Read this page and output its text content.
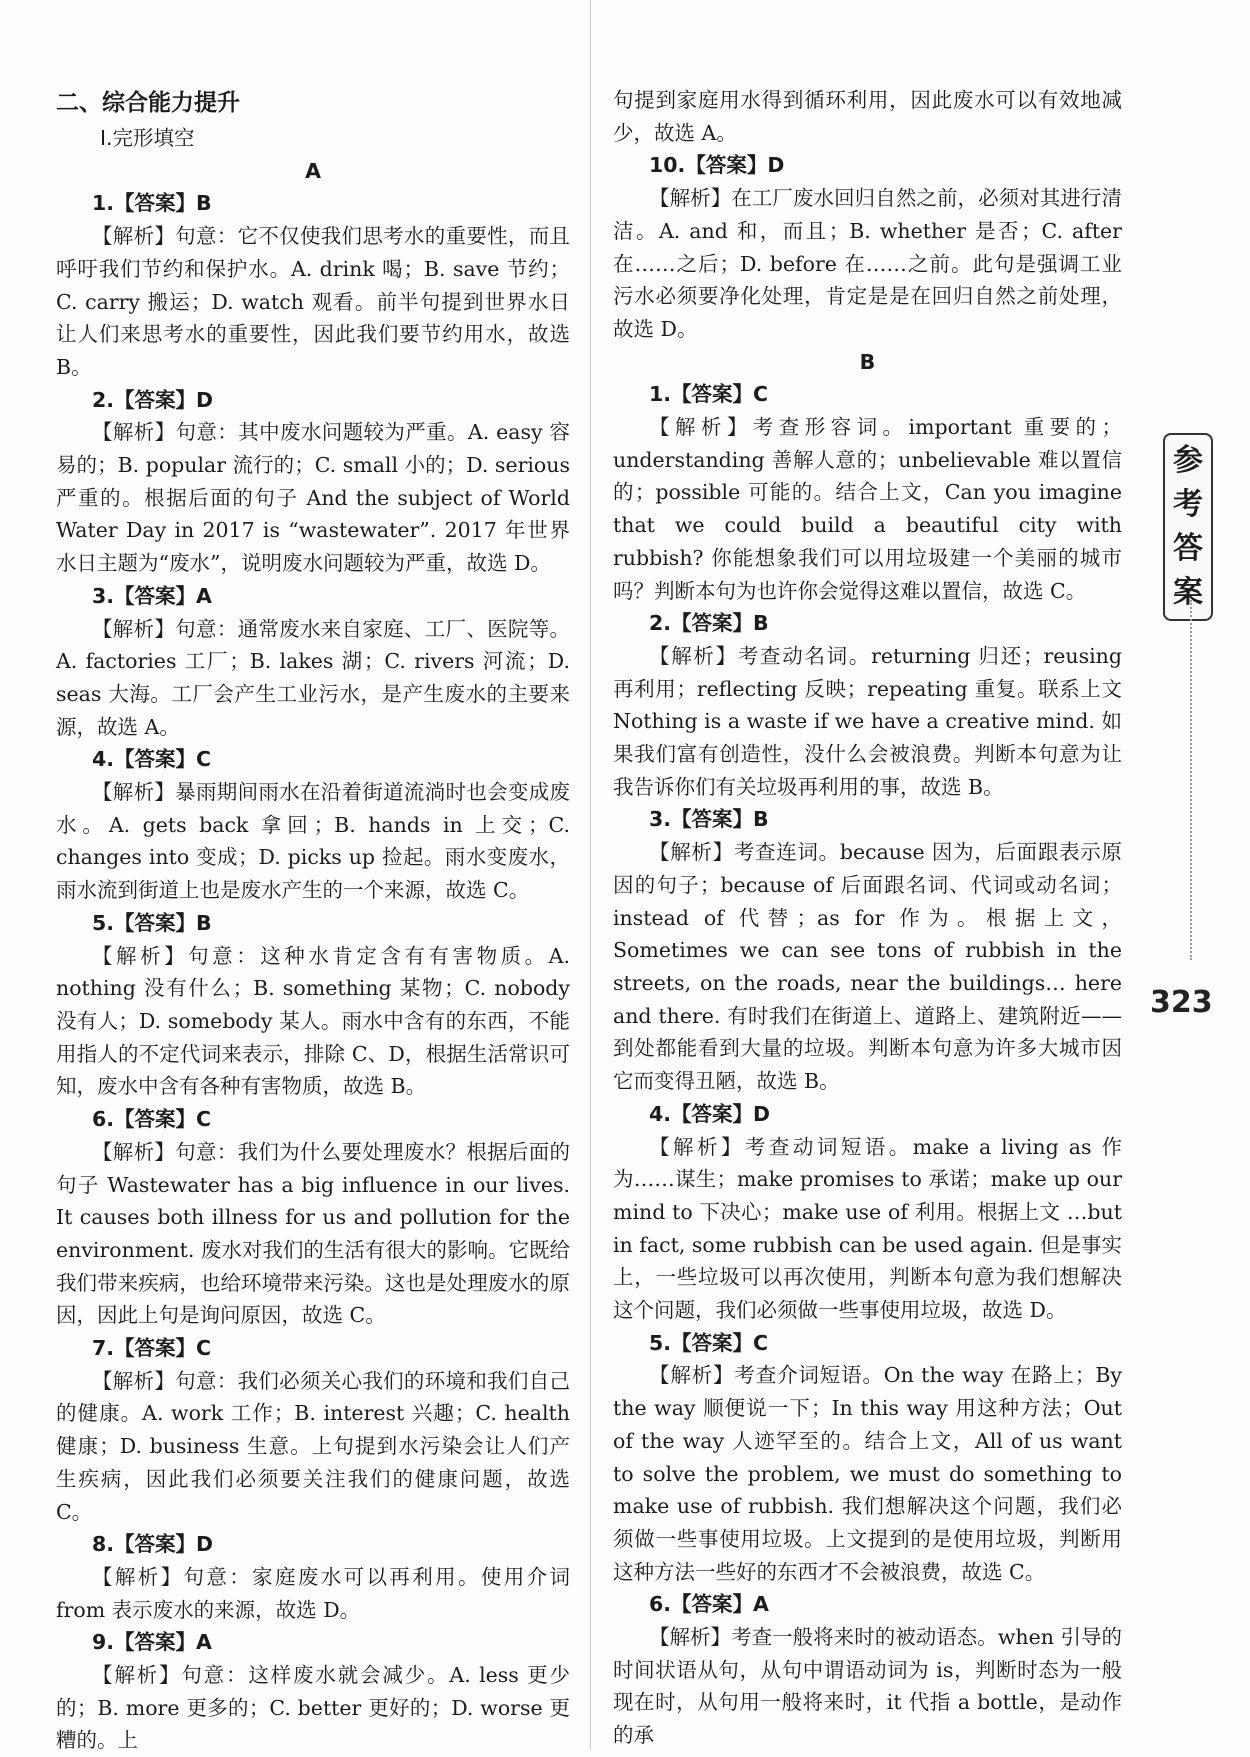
二、综合能力提升
Ⅰ.完形填空
A
1.【答案】B
【解析】句意：它不仅使我们思考水的重要性，而且呼吁我们节约和保护水。A. drink 喝；B. save 节约；C. carry 搬运；D. watch 观看。前半句提到世界水日让人们来思考水的重要性，因此我们要节约用水，故选 B。
2.【答案】D
【解析】句意：其中废水问题较为严重。A. easy 容易的；B. popular 流行的；C. small 小的；D. serious 严重的。根据后面的句子 And the subject of World Water Day in 2017 is “wastewater”. 2017 年世界水日主题为“废水”，说明废水问题较为严重，故选 D。
3.【答案】A
【解析】句意：通常废水来自家庭、工厂、医院等。A. factories 工厂；B. lakes 湖；C. rivers 河流；D. seas 大海。工厂会产生工业污水，是产生废水的主要来源，故选 A。
4.【答案】C
【解析】暴雨期间雨水在沿着街道流淌时也会变成废水。A. gets back 拿回；B. hands in 上交；C. changes into 变成；D. picks up 捡起。雨水变废水，雨水流到街道上也是废水产生的一个来源，故选 C。
5.【答案】B
【解析】句意：这种水肯定含有有害物质。A. nothing 没有什么；B. something 某物；C. nobody 没有人；D. somebody 某人。雨水中含有的东西，不能用指人的不定代词来表示，排除 C、D，根据生活常识可知，废水中含有各种有害物质，故选 B。
6.【答案】C
【解析】句意：我们为什么要处理废水？根据后面的句子 Wastewater has a big influence in our lives. It causes both illness for us and pollution for the environment. 废水对我们的生活有很大的影响。它既给我们带来疾病，也给环境带来污染。这也是处理废水的原因，因此上句是询问原因，故选 C。
7.【答案】C
【解析】句意：我们必须关心我们的环境和我们自己的健康。A. work 工作；B. interest 兴趣；C. health 健康；D. business 生意。上句提到水污染会让人们产生疾病，因此我们必须要关注我们的健康问题，故选 C。
8.【答案】D
【解析】句意：家庭废水可以再利用。使用介词 from 表示废水的来源，故选 D。
9.【答案】A
【解析】句意：这样废水就会减少。A. less 更少的；B. more 更多的；C. better 更好的；D. worse 更糟的。上
句提到家庭用水得到循环利用，因此废水可以有效地减少，故选 A。
10.【答案】D
【解析】在工厂废水回归自然之前，必须对其进行清洁。A. and 和，而且；B. whether 是否；C. after 在……之后；D. before 在……之前。此句是强调工业污水必须要净化处理，肯定是是在回归自然之前处理，故选 D。
B
1.【答案】C
【解析】考查形容词。important 重要的；understanding 善解人意的；unbelievable 难以置信的；possible 可能的。结合上文，Can you imagine that we could build a beautiful city with rubbish? 你能想象我们可以用垃圾建一个美丽的城市吗？判断本句为也许你会觉得这难以置信，故选 C。
2.【答案】B
【解析】考查动名词。returning 归还；reusing 再利用；reflecting 反映；repeating 重复。联系上文 Nothing is a waste if we have a creative mind. 如果我们富有创造性，没什么会被浪费。判断本句意为让我告诉你们有关垃圾再利用的事，故选 B。
3.【答案】B
【解析】考查连词。because 因为，后面跟表示原因的句子；because of 后面跟名词、代词或动名词；instead of 代替；as for 作为。根据上文，Sometimes we can see tons of rubbish in the streets, on the roads, near the buildings… here and there. 有时我们在街道上、道路上、建筑附近——到处都能看到大量的垃圾。判断本句意为许多大城市因它而变得丑陋，故选 B。
4.【答案】D
【解析】考查动词短语。make a living as 作为……谋生；make promises to 承诺；make up our mind to 下决心；make use of 利用。根据上文 …but in fact, some rubbish can be used again. 但是事实上，一些垃圾可以再次使用，判断本句意为我们想解决这个问题，我们必须做一些事使用垃圾，故选 D。
5.【答案】C
【解析】考查介词短语。On the way 在路上；By the way 顺便说一下；In this way 用这种方法；Out of the way 人迹罕至的。结合上文，All of us want to solve the problem, we must do something to make use of rubbish. 我们想解决这个问题，我们必须做一些事使用垃圾。上文提到的是使用垃圾，判断用这种方法一些好的东西才不会被浪费，故选 C。
6.【答案】A
【解析】考查一般将来时的被动语态。when 引导的时间状语从句，从句中谓语动词为 is，判断时态为一般现在时，从句用一般将来时，it 代指 a bottle，是动作的承
参
考
答
案
323
